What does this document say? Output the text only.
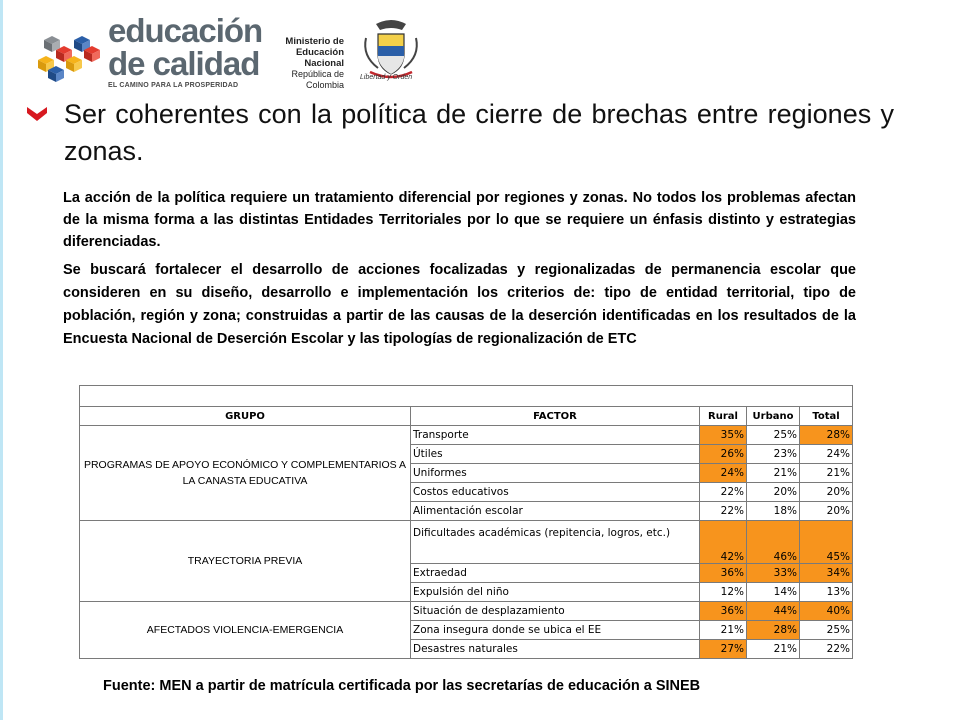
educación
de calidad
EL CAMINO PARA LA PROSPERIDAD
Ministerio de
Educación Nacional
República de Colombia
Libertad y Orden
Ser coherentes con la política de cierre de brechas entre regiones y zonas.
La acción de la política requiere un tratamiento diferencial por regiones y zonas. No todos los problemas afectan de la misma forma a las distintas Entidades Territoriales por lo que se requiere un énfasis distinto y estrategias diferenciadas.
Se buscará fortalecer el desarrollo de acciones focalizadas y regionalizadas de permanencia escolar que consideren en su diseño, desarrollo e implementación los criterios de: tipo de entidad territorial, tipo de población, región y zona; construidas a partir de las causas de la deserción identificadas en los resultados de la Encuesta Nacional de Deserción Escolar y las tipologías de regionalización de ETC

GRUPO	FACTOR	Rural	Urbano	Total
PROGRAMAS DE APOYO ECONÓMICO Y COMPLEMENTARIOS A LA CANASTA EDUCATIVA	Transporte	35%	25%	28%
	Útiles	26%	23%	24%
	Uniformes	24%	21%	21%
	Costos educativos	22%	20%	20%
	Alimentación escolar	22%	18%	20%
TRAYECTORIA PREVIA	Dificultades académicas (repitencia, logros, etc.)	42%	46%	45%
	Extraedad	36%	33%	34%
	Expulsión del niño	12%	14%	13%
AFECTADOS VIOLENCIA-EMERGENCIA	Situación de desplazamiento	36%	44%	40%
	Zona insegura donde se ubica el EE	21%	28%	25%
	Desastres naturales	27%	21%	22%
Fuente: MEN a partir de matrícula certificada por las secretarías de educación a SINEB
